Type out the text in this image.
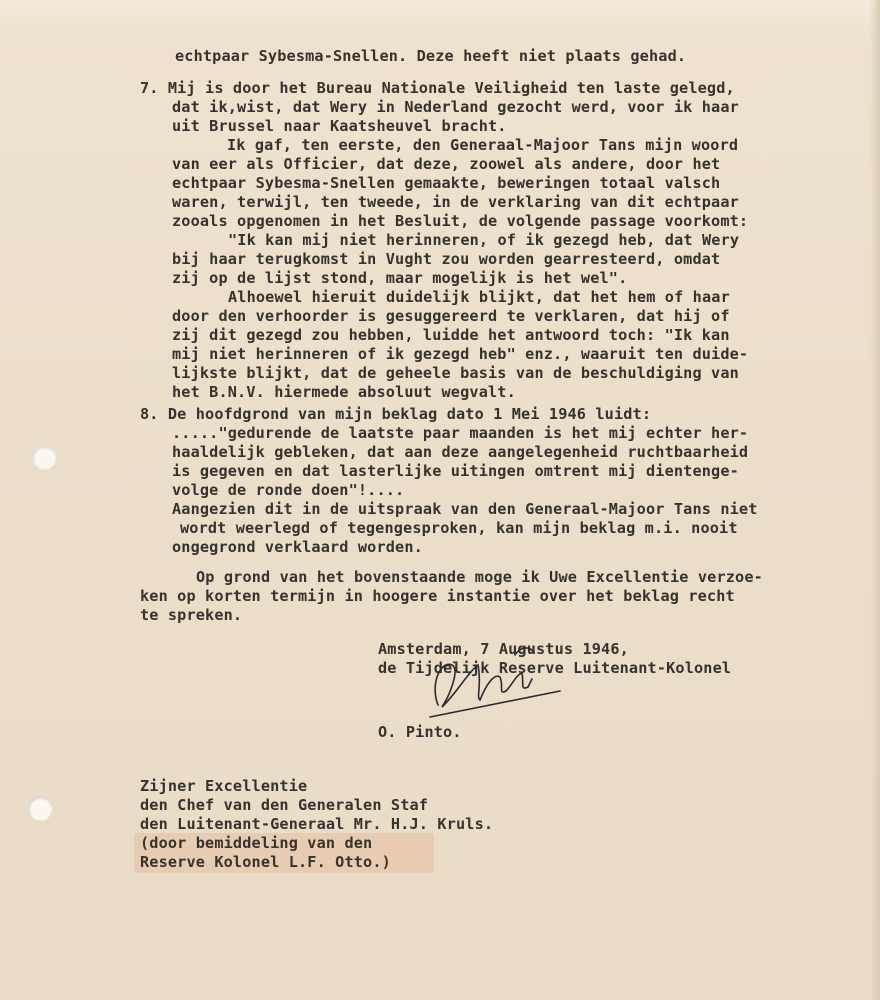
echtpaar Sybesma-Snellen. Deze heeft niet plaats gehad.
7. Mij is door het Bureau Nationale Veiligheid ten laste gelegd,
dat ik,wist, dat Wery in Nederland gezocht werd, voor ik haar
uit Brussel naar Kaatsheuvel bracht.
Ik gaf, ten eerste, den Generaal-Majoor Tans mijn woord
van eer als Officier, dat deze, zoowel als andere, door het
echtpaar Sybesma-Snellen gemaakte, beweringen totaal valsch
waren, terwijl, ten tweede, in de verklaring van dit echtpaar
zooals opgenomen in het Besluit, de volgende passage voorkomt:
"Ik kan mij niet herinneren, of ik gezegd heb, dat Wery
bij haar terugkomst in Vught zou worden gearresteerd, omdat
zij op de lijst stond, maar mogelijk is het wel".
Alhoewel hieruit duidelijk blijkt, dat het hem of haar
door den verhoorder is gesuggereerd te verklaren, dat hij of
zij dit gezegd zou hebben, luidde het antwoord toch: "Ik kan
mij niet herinneren of ik gezegd heb" enz., waaruit ten duide-
lijkste blijkt, dat de geheele basis van de beschuldiging van
het B.N.V. hiermede absoluut wegvalt.
8. De hoofdgrond van mijn beklag dato 1 Mei 1946 luidt:
....."gedurende de laatste paar maanden is het mij echter her-
haaldelijk gebleken, dat aan deze aangelegenheid ruchtbaarheid
is gegeven en dat lasterlijke uitingen omtrent mij dientenge-
volge de ronde doen"!....
Aangezien dit in de uitspraak van den Generaal-Majoor Tans niet
wordt weerlegd of tegengesproken, kan mijn beklag m.i. nooit
ongegrond verklaard worden.
Op grond van het bovenstaande moge ik Uwe Excellentie verzoe-
ken op korten termijn in hoogere instantie over het beklag recht
te spreken.
Amsterdam, 7 Augustus 1946,
de Tijdelijk Reserve Luitenant-Kolonel
O. Pinto.
Zijner Excellentie
den Chef van den Generalen Staf
den Luitenant-Generaal Mr. H.J. Kruls.
(door bemiddeling van den
Reserve Kolonel L.F. Otto.)
